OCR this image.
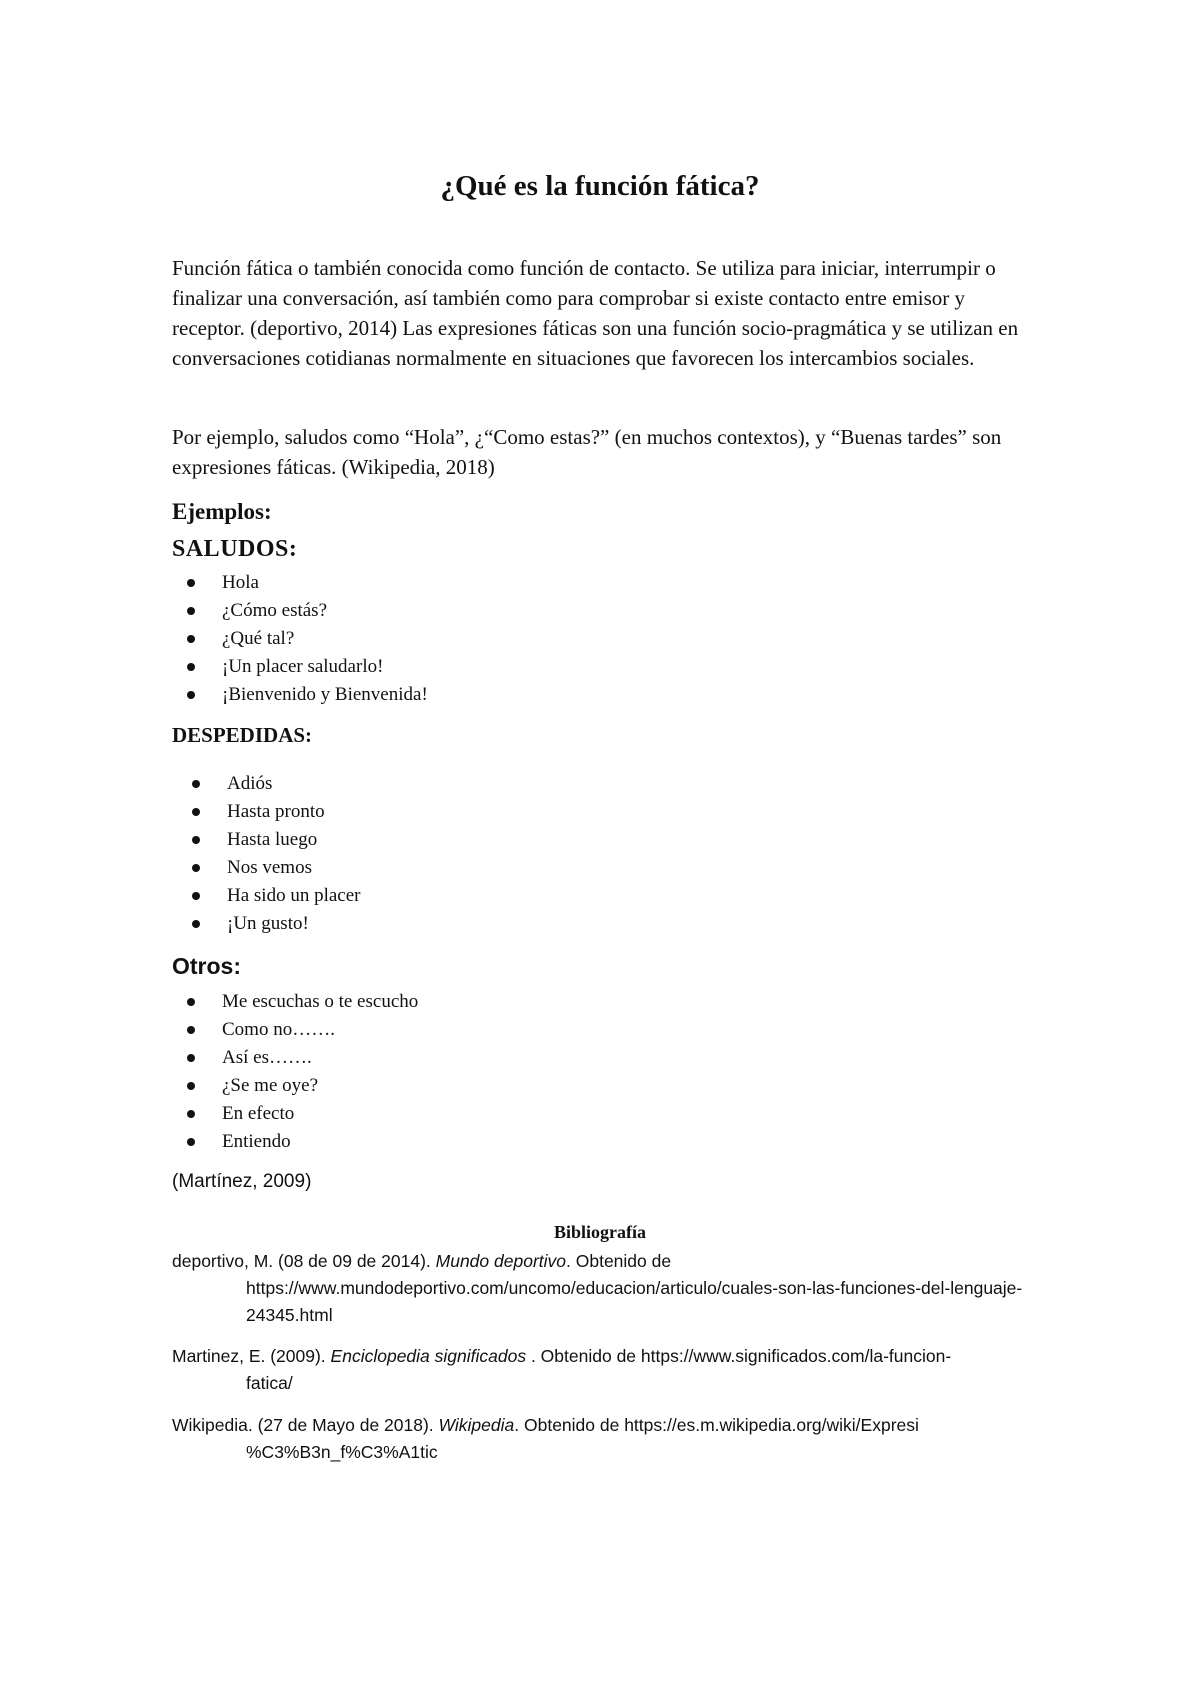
¿Qué es la función fática?

Función fática o también conocida como función de contacto. Se utiliza para iniciar, interrumpir o finalizar una conversación, así también como para comprobar si existe contacto entre emisor y receptor. (deportivo, 2014) Las expresiones fáticas son una función socio-pragmática y se utilizan en conversaciones cotidianas normalmente en situaciones que favorecen los intercambios sociales.

Por ejemplo, saludos como “Hola”, ¿“Como estas?” (en muchos contextos), y “Buenas tardes” son expresiones fáticas. (Wikipedia, 2018)

Ejemplos:
SALUDOS:
Hola
¿Cómo estás?
¿Qué tal?
¡Un placer saludarlo!
¡Bienvenido y Bienvenida!
DESPEDIDAS:
Adiós
Hasta pronto
Hasta luego
Nos vemos
Ha sido un placer
¡Un gusto!
Otros:
Me escuchas o te escucho
Como no…….
Así es…….
¿Se me oye?
En efecto
Entiendo

(Martínez, 2009)

Bibliografía

deportivo, M. (08 de 09 de 2014). Mundo deportivo. Obtenido de
https://www.mundodeportivo.com/uncomo/educacion/articulo/cuales-son-las-funciones-del-lenguaje-24345.html

Martinez, E. (2009). Enciclopedia significados . Obtenido de https://www.significados.com/la-funcion-
fatica/

Wikipedia. (27 de Mayo de 2018). Wikipedia. Obtenido de https://es.m.wikipedia.org/wiki/Expresi
%C3%B3n_f%C3%A1tic
